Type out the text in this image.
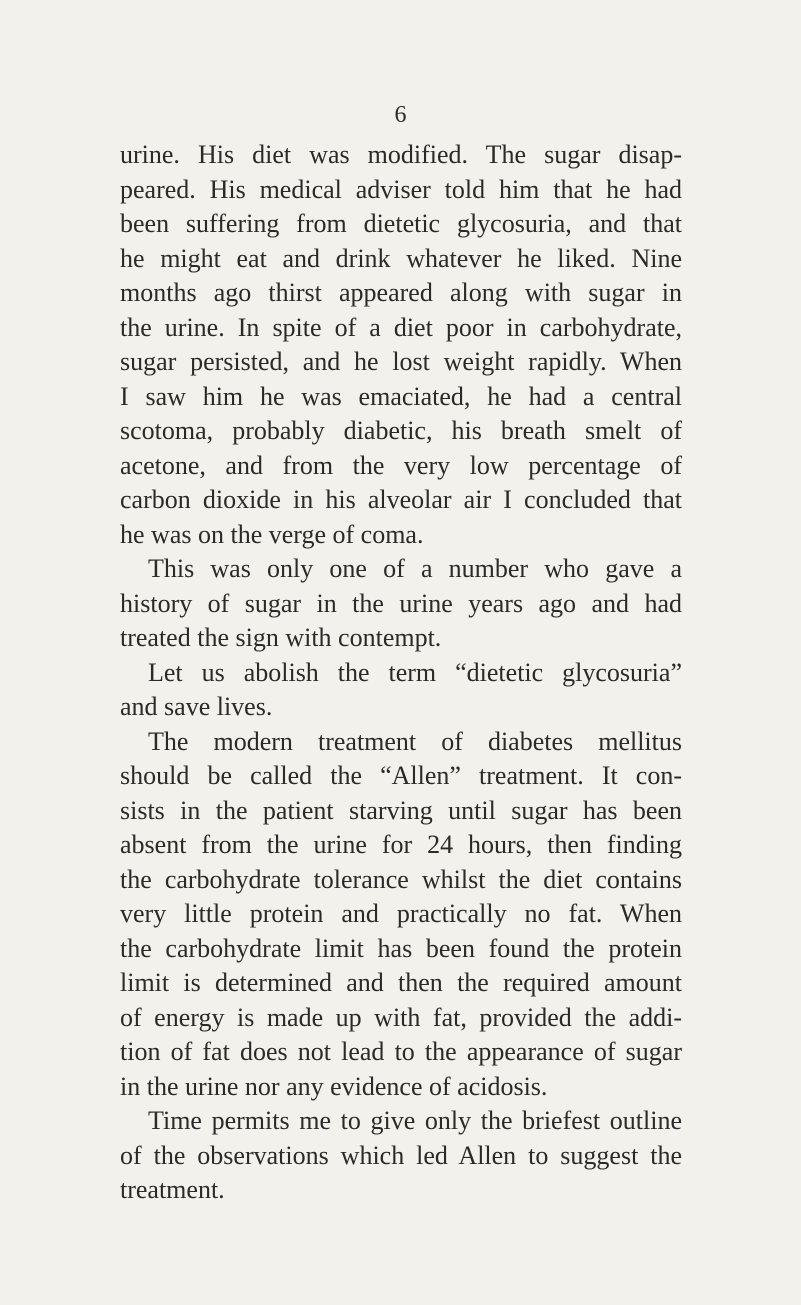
6
urine. His diet was modified. The sugar disap-
peared. His medical adviser told him that he had
been suffering from dietetic glycosuria, and that
he might eat and drink whatever he liked. Nine
months ago thirst appeared along with sugar in
the urine. In spite of a diet poor in carbohydrate,
sugar persisted, and he lost weight rapidly. When
I saw him he was emaciated, he had a central
scotoma, probably diabetic, his breath smelt of
acetone, and from the very low percentage of
carbon dioxide in his alveolar air I concluded that
he was on the verge of coma.
This was only one of a number who gave a
history of sugar in the urine years ago and had
treated the sign with contempt.
Let us abolish the term “dietetic glycosuria”
and save lives.
The modern treatment of diabetes mellitus
should be called the “Allen” treatment. It con-
sists in the patient starving until sugar has been
absent from the urine for 24 hours, then finding
the carbohydrate tolerance whilst the diet contains
very little protein and practically no fat. When
the carbohydrate limit has been found the protein
limit is determined and then the required amount
of energy is made up with fat, provided the addi-
tion of fat does not lead to the appearance of sugar
in the urine nor any evidence of acidosis.
Time permits me to give only the briefest outline
of the observations which led Allen to suggest the
treatment.
